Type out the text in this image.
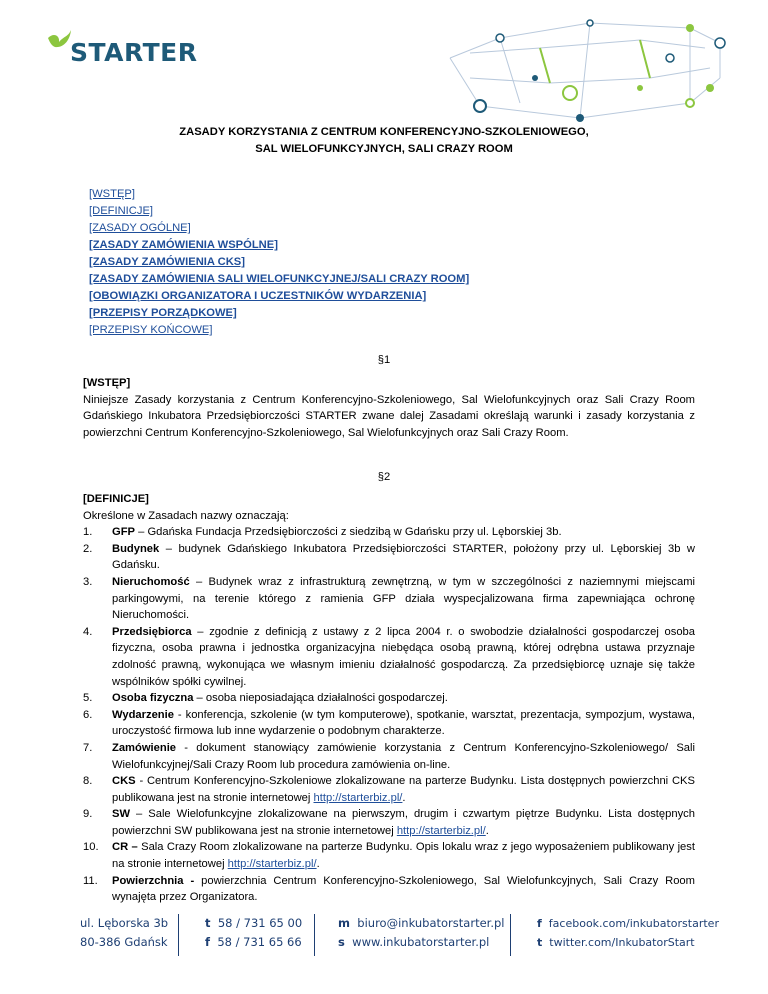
STARTER
ZASADY KORZYSTANIA Z CENTRUM KONFERENCYJNO-SZKOLENIOWEGO,
SAL WIELOFUNKCYJNYCH, SALI CRAZY ROOM
[WSTĘP]
[DEFINICJE]
[ZASADY OGÓLNE]
[ZASADY ZAMÓWIENIA WSPÓLNE]
[ZASADY ZAMÓWIENIA CKS]
[ZASADY ZAMÓWIENIA SALI WIELOFUNKCYJNEJ/SALI CRAZY ROOM]
[OBOWIĄZKI ORGANIZATORA I UCZESTNIKÓW WYDARZENIA]
[PRZEPISY PORZĄDKOWE]
[PRZEPISY KOŃCOWE]
§1

[WSTĘP]

Niniejsze Zasady korzystania z Centrum Konferencyjno-Szkoleniowego, Sal Wielofunkcyjnych oraz Sali Crazy Room Gdańskiego Inkubatora Przedsiębiorczości STARTER zwane dalej Zasadami określają warunki i zasady korzystania z powierzchni Centrum Konferencyjno-Szkoleniowego, Sal Wielofunkcyjnych oraz Sali Crazy Room.

§2

[DEFINICJE]

Określone w Zasadach nazwy oznaczają:

1. GFP – Gdańska Fundacja Przedsiębiorczości z siedzibą w Gdańsku przy ul. Lęborskiej 3b.
2. Budynek – budynek Gdańskiego Inkubatora Przedsiębiorczości STARTER, położony przy ul. Lęborskiej 3b w Gdańsku.
3. Nieruchomość – Budynek wraz z infrastrukturą zewnętrzną, w tym w szczególności z naziemnymi miejscami parkingowymi, na terenie którego z ramienia GFP działa wyspecjalizowana firma zapewniająca ochronę Nieruchomości.
4. Przedsiębiorca – zgodnie z definicją z ustawy z 2 lipca 2004 r. o swobodzie działalności gospodarczej osoba fizyczna, osoba prawna i jednostka organizacyjna niebędąca osobą prawną, której odrębna ustawa przyznaje zdolność prawną, wykonująca we własnym imieniu działalność gospodarczą. Za przedsiębiorcę uznaje się także wspólników spółki cywilnej.
5. Osoba fizyczna – osoba nieposiadająca działalności gospodarczej.
6. Wydarzenie - konferencja, szkolenie (w tym komputerowe), spotkanie, warsztat, prezentacja, sympozjum, wystawa, uroczystość firmowa lub inne wydarzenie o podobnym charakterze.
7. Zamówienie - dokument stanowiący zamówienie korzystania z Centrum Konferencyjno-Szkoleniowego/ Sali Wielofunkcyjnej/Sali Crazy Room lub procedura zamówienia on-line.
8. CKS - Centrum Konferencyjno-Szkoleniowe zlokalizowane na parterze Budynku. Lista dostępnych powierzchni CKS publikowana jest na stronie internetowej http://starterbiz.pl/.
9. SW – Sale Wielofunkcyjne zlokalizowane na pierwszym, drugim i czwartym piętrze Budynku. Lista dostępnych powierzchni SW publikowana jest na stronie internetowej http://starterbiz.pl/.
10. CR – Sala Crazy Room zlokalizowane na parterze Budynku. Opis lokalu wraz z jego wyposażeniem publikowany jest na stronie internetowej http://starterbiz.pl/.
11. Powierzchnia - powierzchnia Centrum Konferencyjno-Szkoleniowego, Sal Wielofunkcyjnych, Sali Crazy Room wynajęta przez Organizatora.
ul. Lęborska 3b
80-386 Gdańsk
t 58 / 731 65 00
f 58 / 731 65 66
m biuro@inkubatorstarter.pl
s www.inkubatorstarter.pl
f facebook.com/inkubatorstarter
t twitter.com/InkubatorStart
